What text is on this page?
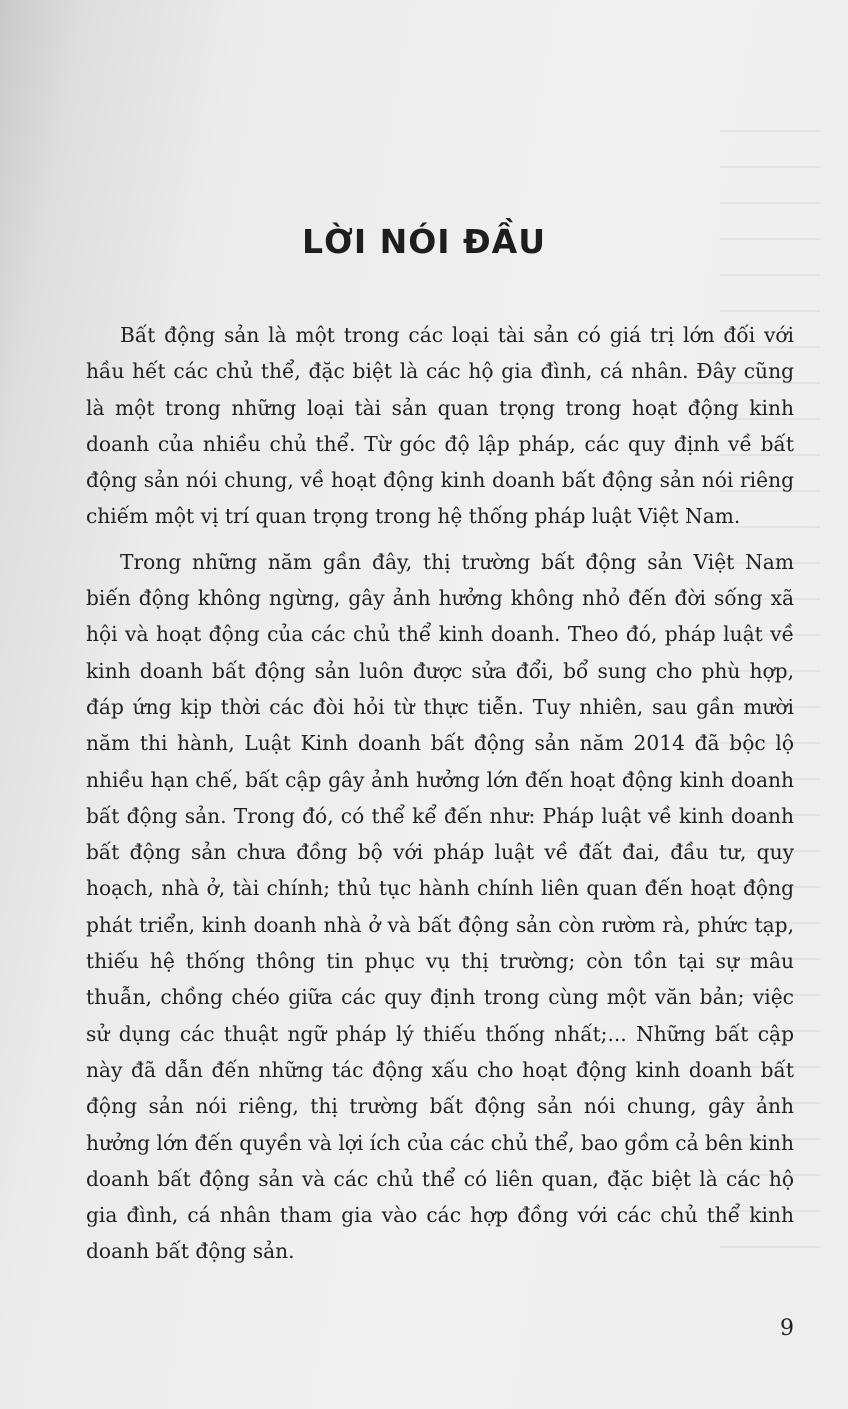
LỜI NÓI ĐẦU

Bất động sản là một trong các loại tài sản có giá trị lớn đối với hầu hết các chủ thể, đặc biệt là các hộ gia đình, cá nhân. Đây cũng là một trong những loại tài sản quan trọng trong hoạt động kinh doanh của nhiều chủ thể. Từ góc độ lập pháp, các quy định về bất động sản nói chung, về hoạt động kinh doanh bất động sản nói riêng chiếm một vị trí quan trọng trong hệ thống pháp luật Việt Nam.

Trong những năm gần đây, thị trường bất động sản Việt Nam biến động không ngừng, gây ảnh hưởng không nhỏ đến đời sống xã hội và hoạt động của các chủ thể kinh doanh. Theo đó, pháp luật về kinh doanh bất động sản luôn được sửa đổi, bổ sung cho phù hợp, đáp ứng kịp thời các đòi hỏi từ thực tiễn. Tuy nhiên, sau gần mười năm thi hành, Luật Kinh doanh bất động sản năm 2014 đã bộc lộ nhiều hạn chế, bất cập gây ảnh hưởng lớn đến hoạt động kinh doanh bất động sản. Trong đó, có thể kể đến như: Pháp luật về kinh doanh bất động sản chưa đồng bộ với pháp luật về đất đai, đầu tư, quy hoạch, nhà ở, tài chính; thủ tục hành chính liên quan đến hoạt động phát triển, kinh doanh nhà ở và bất động sản còn rườm rà, phức tạp, thiếu hệ thống thông tin phục vụ thị trường; còn tồn tại sự mâu thuẫn, chồng chéo giữa các quy định trong cùng một văn bản; việc sử dụng các thuật ngữ pháp lý thiếu thống nhất;... Những bất cập này đã dẫn đến những tác động xấu cho hoạt động kinh doanh bất động sản nói riêng, thị trường bất động sản nói chung, gây ảnh hưởng lớn đến quyền và lợi ích của các chủ thể, bao gồm cả bên kinh doanh bất động sản và các chủ thể có liên quan, đặc biệt là các hộ gia đình, cá nhân tham gia vào các hợp đồng với các chủ thể kinh doanh bất động sản.

9
